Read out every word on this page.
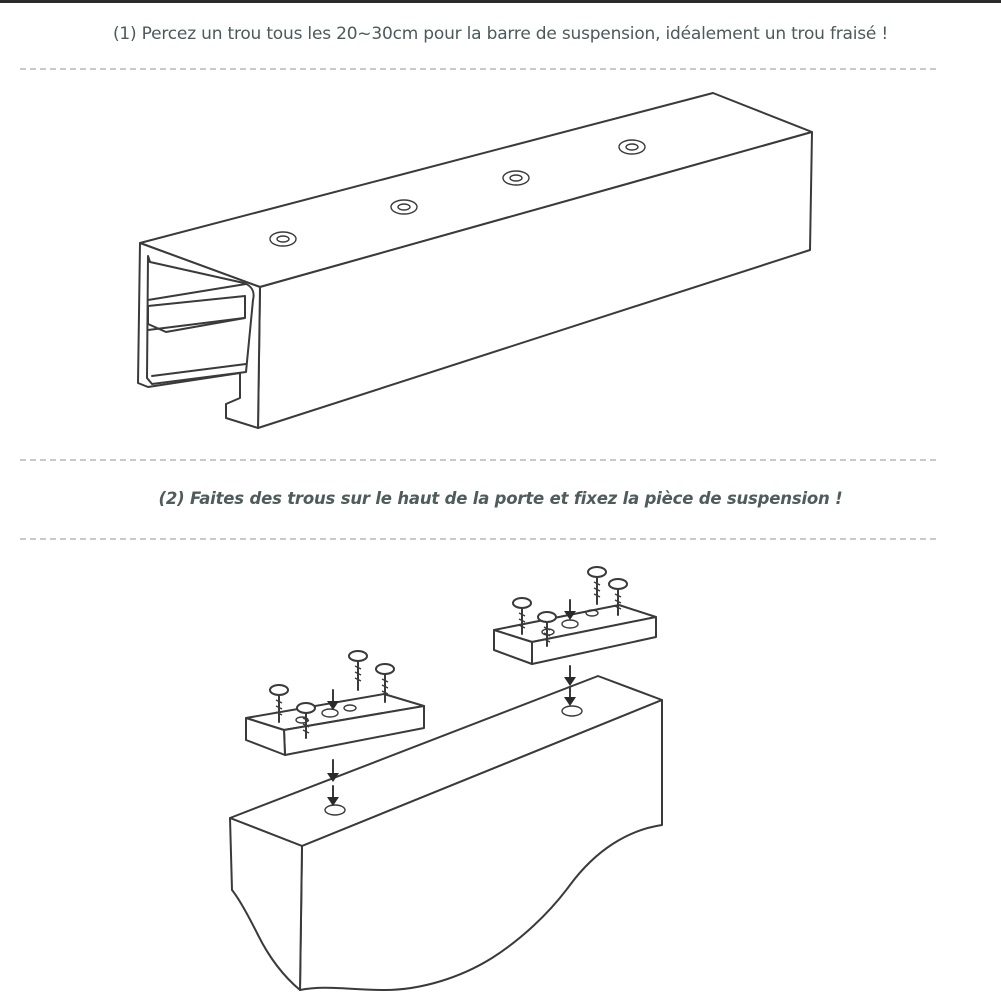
(1) Percez un trou tous les 20~30cm pour la barre de suspension, idéalement un trou fraisé !
(2) Faites des trous sur le haut de la porte et fixez la pièce de suspension !
